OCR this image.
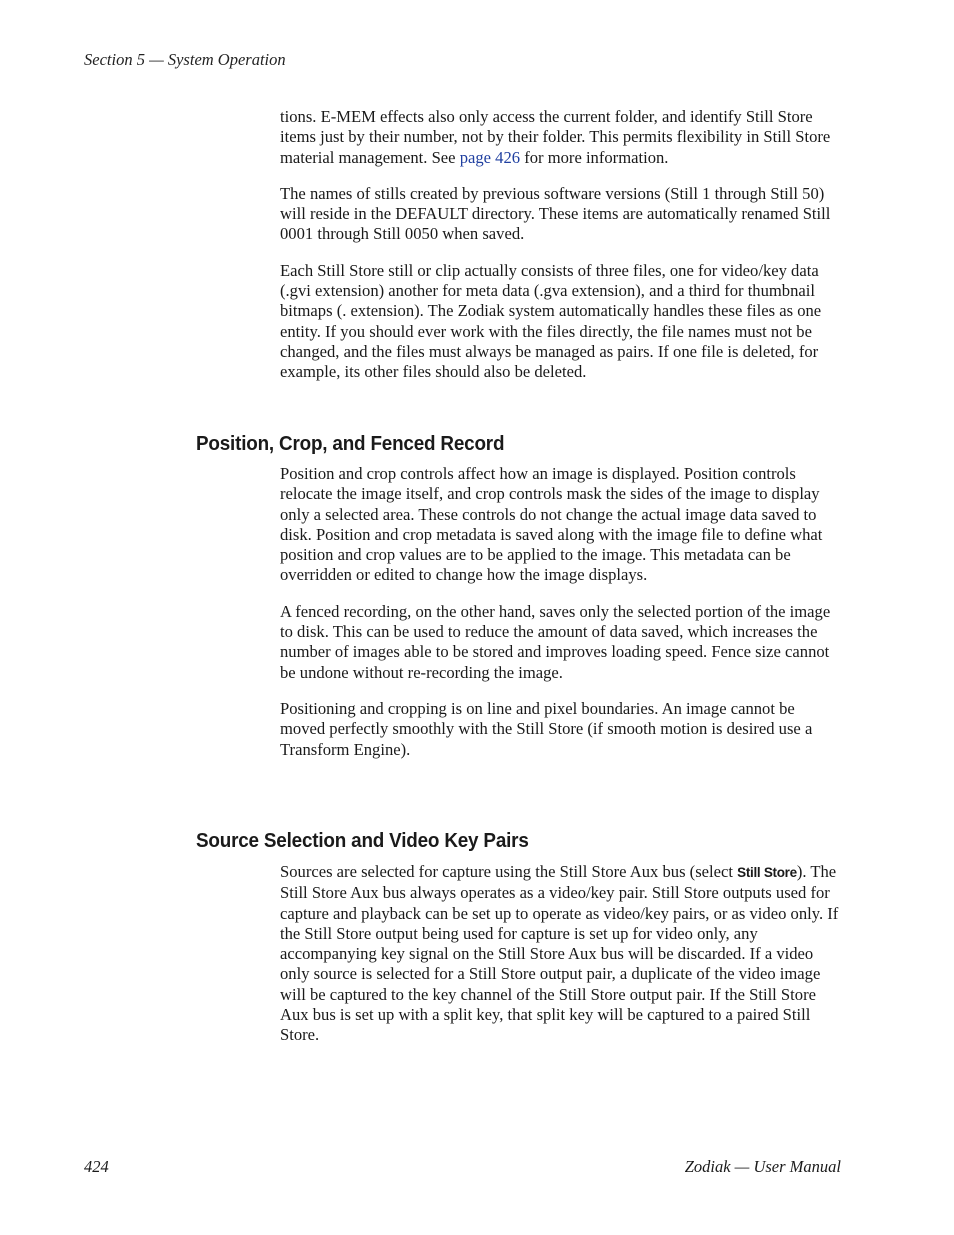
Section 5 — System Operation

tions. E-MEM effects also only access the current folder, and identify Still Store items just by their number, not by their folder. This permits flexibility in Still Store material management. See page 426 for more information.

The names of stills created by previous software versions (Still 1 through Still 50) will reside in the DEFAULT directory. These items are automatically renamed Still 0001 through Still 0050 when saved.

Each Still Store still or clip actually consists of three files, one for video/key data (.gvi extension) another for meta data (.gva extension), and a third for thumbnail bitmaps (. extension). The Zodiak system automatically handles these files as one entity. If you should ever work with the files directly, the file names must not be changed, and the files must always be managed as pairs. If one file is deleted, for example, its other files should also be deleted.

Position, Crop, and Fenced Record

Position and crop controls affect how an image is displayed. Position controls relocate the image itself, and crop controls mask the sides of the image to display only a selected area. These controls do not change the actual image data saved to disk. Position and crop metadata is saved along with the image file to define what position and crop values are to be applied to the image. This metadata can be overridden or edited to change how the image displays.

A fenced recording, on the other hand, saves only the selected portion of the image to disk. This can be used to reduce the amount of data saved, which increases the number of images able to be stored and improves loading speed. Fence size cannot be undone without re-recording the image.

Positioning and cropping is on line and pixel boundaries. An image cannot be moved perfectly smoothly with the Still Store (if smooth motion is desired use a Transform Engine).

Source Selection and Video Key Pairs

Sources are selected for capture using the Still Store Aux bus (select Still Store). The Still Store Aux bus always operates as a video/key pair. Still Store outputs used for capture and playback can be set up to operate as video/key pairs, or as video only. If the Still Store output being used for capture is set up for video only, any accompanying key signal on the Still Store Aux bus will be discarded. If a video only source is selected for a Still Store output pair, a duplicate of the video image will be captured to the key channel of the Still Store output pair. If the Still Store Aux bus is set up with a split key, that split key will be captured to a paired Still Store.

424	Zodiak — User Manual
